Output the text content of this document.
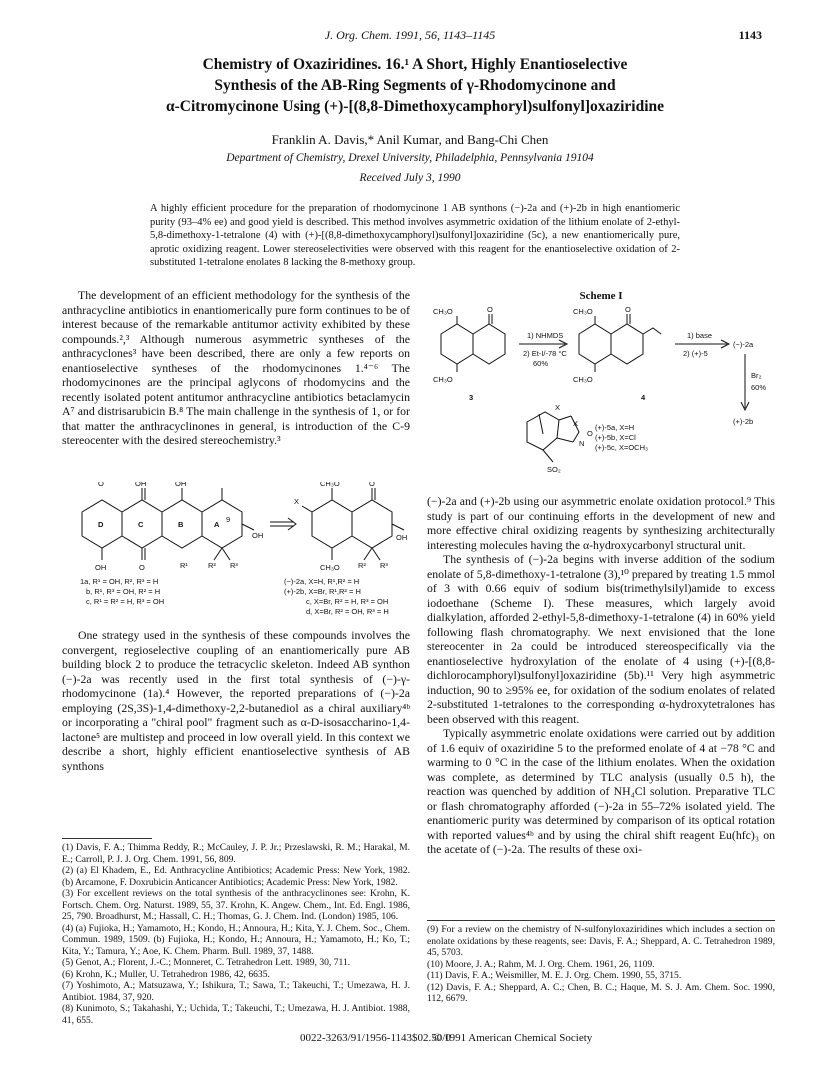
J. Org. Chem. 1991, 56, 1143–1145	1143
Chemistry of Oxaziridines. 16.¹ A Short, Highly Enantioselective
Synthesis of the AB-Ring Segments of γ-Rhodomycinone and
α-Citromycinone Using (+)-[(8,8-Dimethoxycamphoryl)sulfonyl]oxaziridine
Franklin A. Davis,* Anil Kumar, and Bang-Chi Chen
Department of Chemistry, Drexel University, Philadelphia, Pennsylvania 19104
Received July 3, 1990
A highly efficient procedure for the preparation of rhodomycinone 1 AB synthons (−)-2a and (+)-2b in high enantiomeric purity (93–4% ee) and good yield is described. This method involves asymmetric oxidation of the lithium enolate of 2-ethyl-5,8-dimethoxy-1-tetralone (4) with (+)-[(8,8-dimethoxycamphoryl)sulfonyl]oxaziridine (5c), a new enantiomerically pure, aprotic oxidizing reagent. Lower stereoselectivities were observed with this reagent for the enantioselective oxidation of 2-substituted 1-tetralone enolates 8 lacking the 8-methoxy group.

The development of an efficient methodology for the synthesis of the anthracycline antibiotics in enantiomerically pure form continues to be of interest because of the remarkable antitumor activity exhibited by these compounds.²,³ Although numerous asymmetric syntheses of the anthracyclones³ have been described, there are only a few reports on enantioselective syntheses of the rhodomycinones 1.⁴⁻⁶ The rhodomycinones are the principal aglycons of rhodomycins and the recently isolated potent antitumor anthracycline antibiotics betaclamycin A⁷ and distrisarubicin B.⁸ The main challenge in the synthesis of 1, or for that matter the anthracyclinones in general, is introduction of the C-9 stereocenter with the desired stereochemistry.³

O	OH	OH
OH	O	R¹	R² R³
OH
9
D	C	B	A
CH₃O	O
X
CH₃O R² R³
OH
1a, R¹ = OH, R², R³ = H
b, R¹, R³ = OH, R² = H
c, R¹ = R² = H, R³ = OH
(−)-2a, X=H, R¹,R² = H
(+)-2b, X=Br, R¹,R² = H
c, X=Br, R² = H, R³ = OH
d, X=Br, R² = OH, R³ = H

One strategy used in the synthesis of these compounds involves the convergent, regioselective coupling of an enantiomerically pure AB building block 2 to produce the tetracyclic skeleton. Indeed AB synthon (−)-2a was recently used in the first total synthesis of (−)-γ-rhodomycinone (1a).⁴ However, the reported preparations of (−)-2a employing (2S,3S)-1,4-dimethoxy-2,2-butanediol as a chiral auxiliary⁴ᵇ or incorporating a "chiral pool" fragment such as α-D-isosaccharino-1,4-lactone⁵ are multistep and proceed in low overall yield. In this context we describe a short, highly efficient enantioselective synthesis of AB synthons

(1) Davis, F. A.; Thimma Reddy, R.; McCauley, J. P. Jr.; Przeslawski, R. M.; Harakal, M. E.; Carroll, P. J. J. Org. Chem. 1991, 56, 809.
(2) (a) El Khadem, E., Ed. Anthracycline Antibiotics; Academic Press: New York, 1982. (b) Arcamone, F. Doxrubicin Anticancer Antibiotics; Academic Press: New York, 1982.
(3) For excellent reviews on the total synthesis of the anthracyclinones see: Krohn, K. Fortsch. Chem. Org. Naturst. 1989, 55, 37. Krohn, K. Angew. Chem., Int. Ed. Engl. 1986, 25, 790. Broadhurst, M.; Hassall, C. H.; Thomas, G. J. Chem. Ind. (London) 1985, 106.
(4) (a) Fujioka, H.; Yamamoto, H.; Kondo, H.; Annoura, H.; Kita, Y. J. Chem. Soc., Chem. Commun. 1989, 1509. (b) Fujioka, H.; Kondo, H.; Annoura, H.; Yamamoto, H.; Ko, T.; Kita, Y.; Tamura, Y.; Aoe, K. Chem. Pharm. Bull. 1989, 37, 1488.
(5) Genot, A.; Florent, J.-C.; Monneret, C. Tetrahedron Lett. 1989, 30, 711.
(6) Krohn, K.; Muller, U. Tetrahedron 1986, 42, 6635.
(7) Yoshimoto, A.; Matsuzawa, Y.; Ishikura, T.; Sawa, T.; Takeuchi, T.; Umezawa, H. J. Antibiot. 1984, 37, 920.
(8) Kunimoto, S.; Takahashi, Y.; Uchida, T.; Takeuchi, T.; Umezawa, H. J. Antibiot. 1988, 41, 655.
Scheme I
CH₃O	O
CH₃O
3
1) NHMDS
2) Et-I/-78 °C
60%
CH₃O	O
CH₃O
4
1) base
2) (+)-5
(−)-2a
Br₂
60%
(+)-2b
X
X
N
O
SO₂
(+)-5a, X=H
(+)-5b, X=Cl
(+)-5c, X=OCH₃

(−)-2a and (+)-2b using our asymmetric enolate oxidation protocol.⁹ This study is part of our continuing efforts in the development of new and more effective chiral oxidizing reagents by synthesizing architecturally interesting molecules having the α-hydroxycarbonyl structural unit.

The synthesis of (−)-2a begins with inverse addition of the sodium enolate of 5,8-dimethoxy-1-tetralone (3),¹⁰ prepared by treating 1.5 mmol of 3 with 0.66 equiv of sodium bis(trimethylsilyl)amide to excess iodoethane (Scheme I). These measures, which largely avoid dialkylation, afforded 2-ethyl-5,8-dimethoxy-1-tetralone (4) in 60% yield following flash chromatography. We next envisioned that the lone stereocenter in 2a could be introduced stereospecifically via the enantioselective hydroxylation of the enolate of 4 using (+)-[(8,8-dichlorocamphoryl)sulfonyl]oxaziridine (5b).¹¹ Very high asymmetric induction, 90 to ≥95% ee, for oxidation of the sodium enolates of related 2-substituted 1-tetralones to the corresponding α-hydroxytetralones has been observed with this reagent.

Typically asymmetric enolate oxidations were carried out by addition of 1.6 equiv of oxaziridine 5 to the preformed enolate of 4 at −78 °C and warming to 0 °C in the case of the lithium enolates. When the oxidation was complete, as determined by TLC analysis (usually 0.5 h), the reaction was quenched by addition of NH₄Cl solution. Preparative TLC or flash chromatography afforded (−)-2a in 55–72% isolated yield. The enantiomeric purity was determined by comparison of its optical rotation with reported values⁴ᵇ and by using the chiral shift reagent Eu(hfc)₃ on the acetate of (−)-2a. The results of these oxi-

(9) For a review on the chemistry of N-sulfonyloxaziridines which includes a section on enolate oxidations by these reagents, see: Davis, F. A.; Sheppard, A. C. Tetrahedron 1989, 45, 5703.
(10) Moore, J. A.; Rahm, M. J. Org. Chem. 1961, 26, 1109.
(11) Davis, F. A.; Weismiller, M. E. J. Org. Chem. 1990, 55, 3715.
(12) Davis, F. A.; Sheppard, A. C.; Chen, B. C.; Haque, M. S. J. Am. Chem. Soc. 1990, 112, 6679.
0022-3263/91/1956-1143$02.50/0
© 1991 American Chemical Society
